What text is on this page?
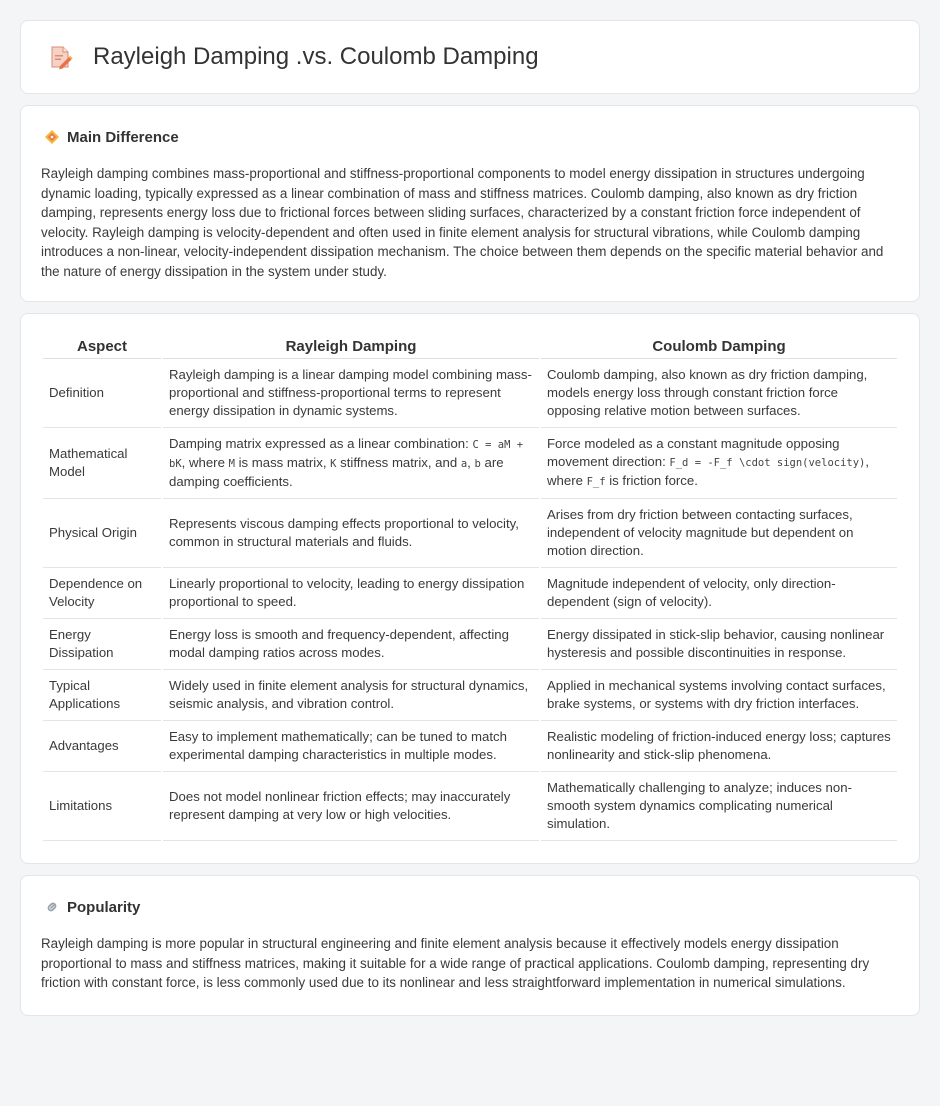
Rayleigh Damping .vs. Coulomb Damping
Main Difference

Rayleigh damping combines mass-proportional and stiffness-proportional components to model energy dissipation in structures undergoing dynamic loading, typically expressed as a linear combination of mass and stiffness matrices. Coulomb damping, also known as dry friction damping, represents energy loss due to frictional forces between sliding surfaces, characterized by a constant friction force independent of velocity. Rayleigh damping is velocity-dependent and often used in finite element analysis for structural vibrations, while Coulomb damping introduces a non-linear, velocity-independent dissipation mechanism. The choice between them depends on the specific material behavior and the nature of energy dissipation in the system under study.

Aspect	Rayleigh Damping	Coulomb Damping
Definition	Rayleigh damping is a linear damping model combining mass-proportional and stiffness-proportional terms to represent energy dissipation in dynamic systems.	Coulomb damping, also known as dry friction damping, models energy loss through constant friction force opposing relative motion between surfaces.
Mathematical Model	Damping matrix expressed as a linear combination: C = aM + bK, where M is mass matrix, K stiffness matrix, and a, b are damping coefficients.	Force modeled as a constant magnitude opposing movement direction: F_d = -F_f \cdot sign(velocity), where F_f is friction force.
Physical Origin	Represents viscous damping effects proportional to velocity, common in structural materials and fluids.	Arises from dry friction between contacting surfaces, independent of velocity magnitude but dependent on motion direction.
Dependence on Velocity	Linearly proportional to velocity, leading to energy dissipation proportional to speed.	Magnitude independent of velocity, only direction-dependent (sign of velocity).
Energy Dissipation	Energy loss is smooth and frequency-dependent, affecting modal damping ratios across modes.	Energy dissipated in stick-slip behavior, causing nonlinear hysteresis and possible discontinuities in response.
Typical Applications	Widely used in finite element analysis for structural dynamics, seismic analysis, and vibration control.	Applied in mechanical systems involving contact surfaces, brake systems, or systems with dry friction interfaces.
Advantages	Easy to implement mathematically; can be tuned to match experimental damping characteristics in multiple modes.	Realistic modeling of friction-induced energy loss; captures nonlinearity and stick-slip phenomena.
Limitations	Does not model nonlinear friction effects; may inaccurately represent damping at very low or high velocities.	Mathematically challenging to analyze; induces non-smooth system dynamics complicating numerical simulation.
Popularity

Rayleigh damping is more popular in structural engineering and finite element analysis because it effectively models energy dissipation proportional to mass and stiffness matrices, making it suitable for a wide range of practical applications. Coulomb damping, representing dry friction with constant force, is less commonly used due to its nonlinear and less straightforward implementation in numerical simulations.
